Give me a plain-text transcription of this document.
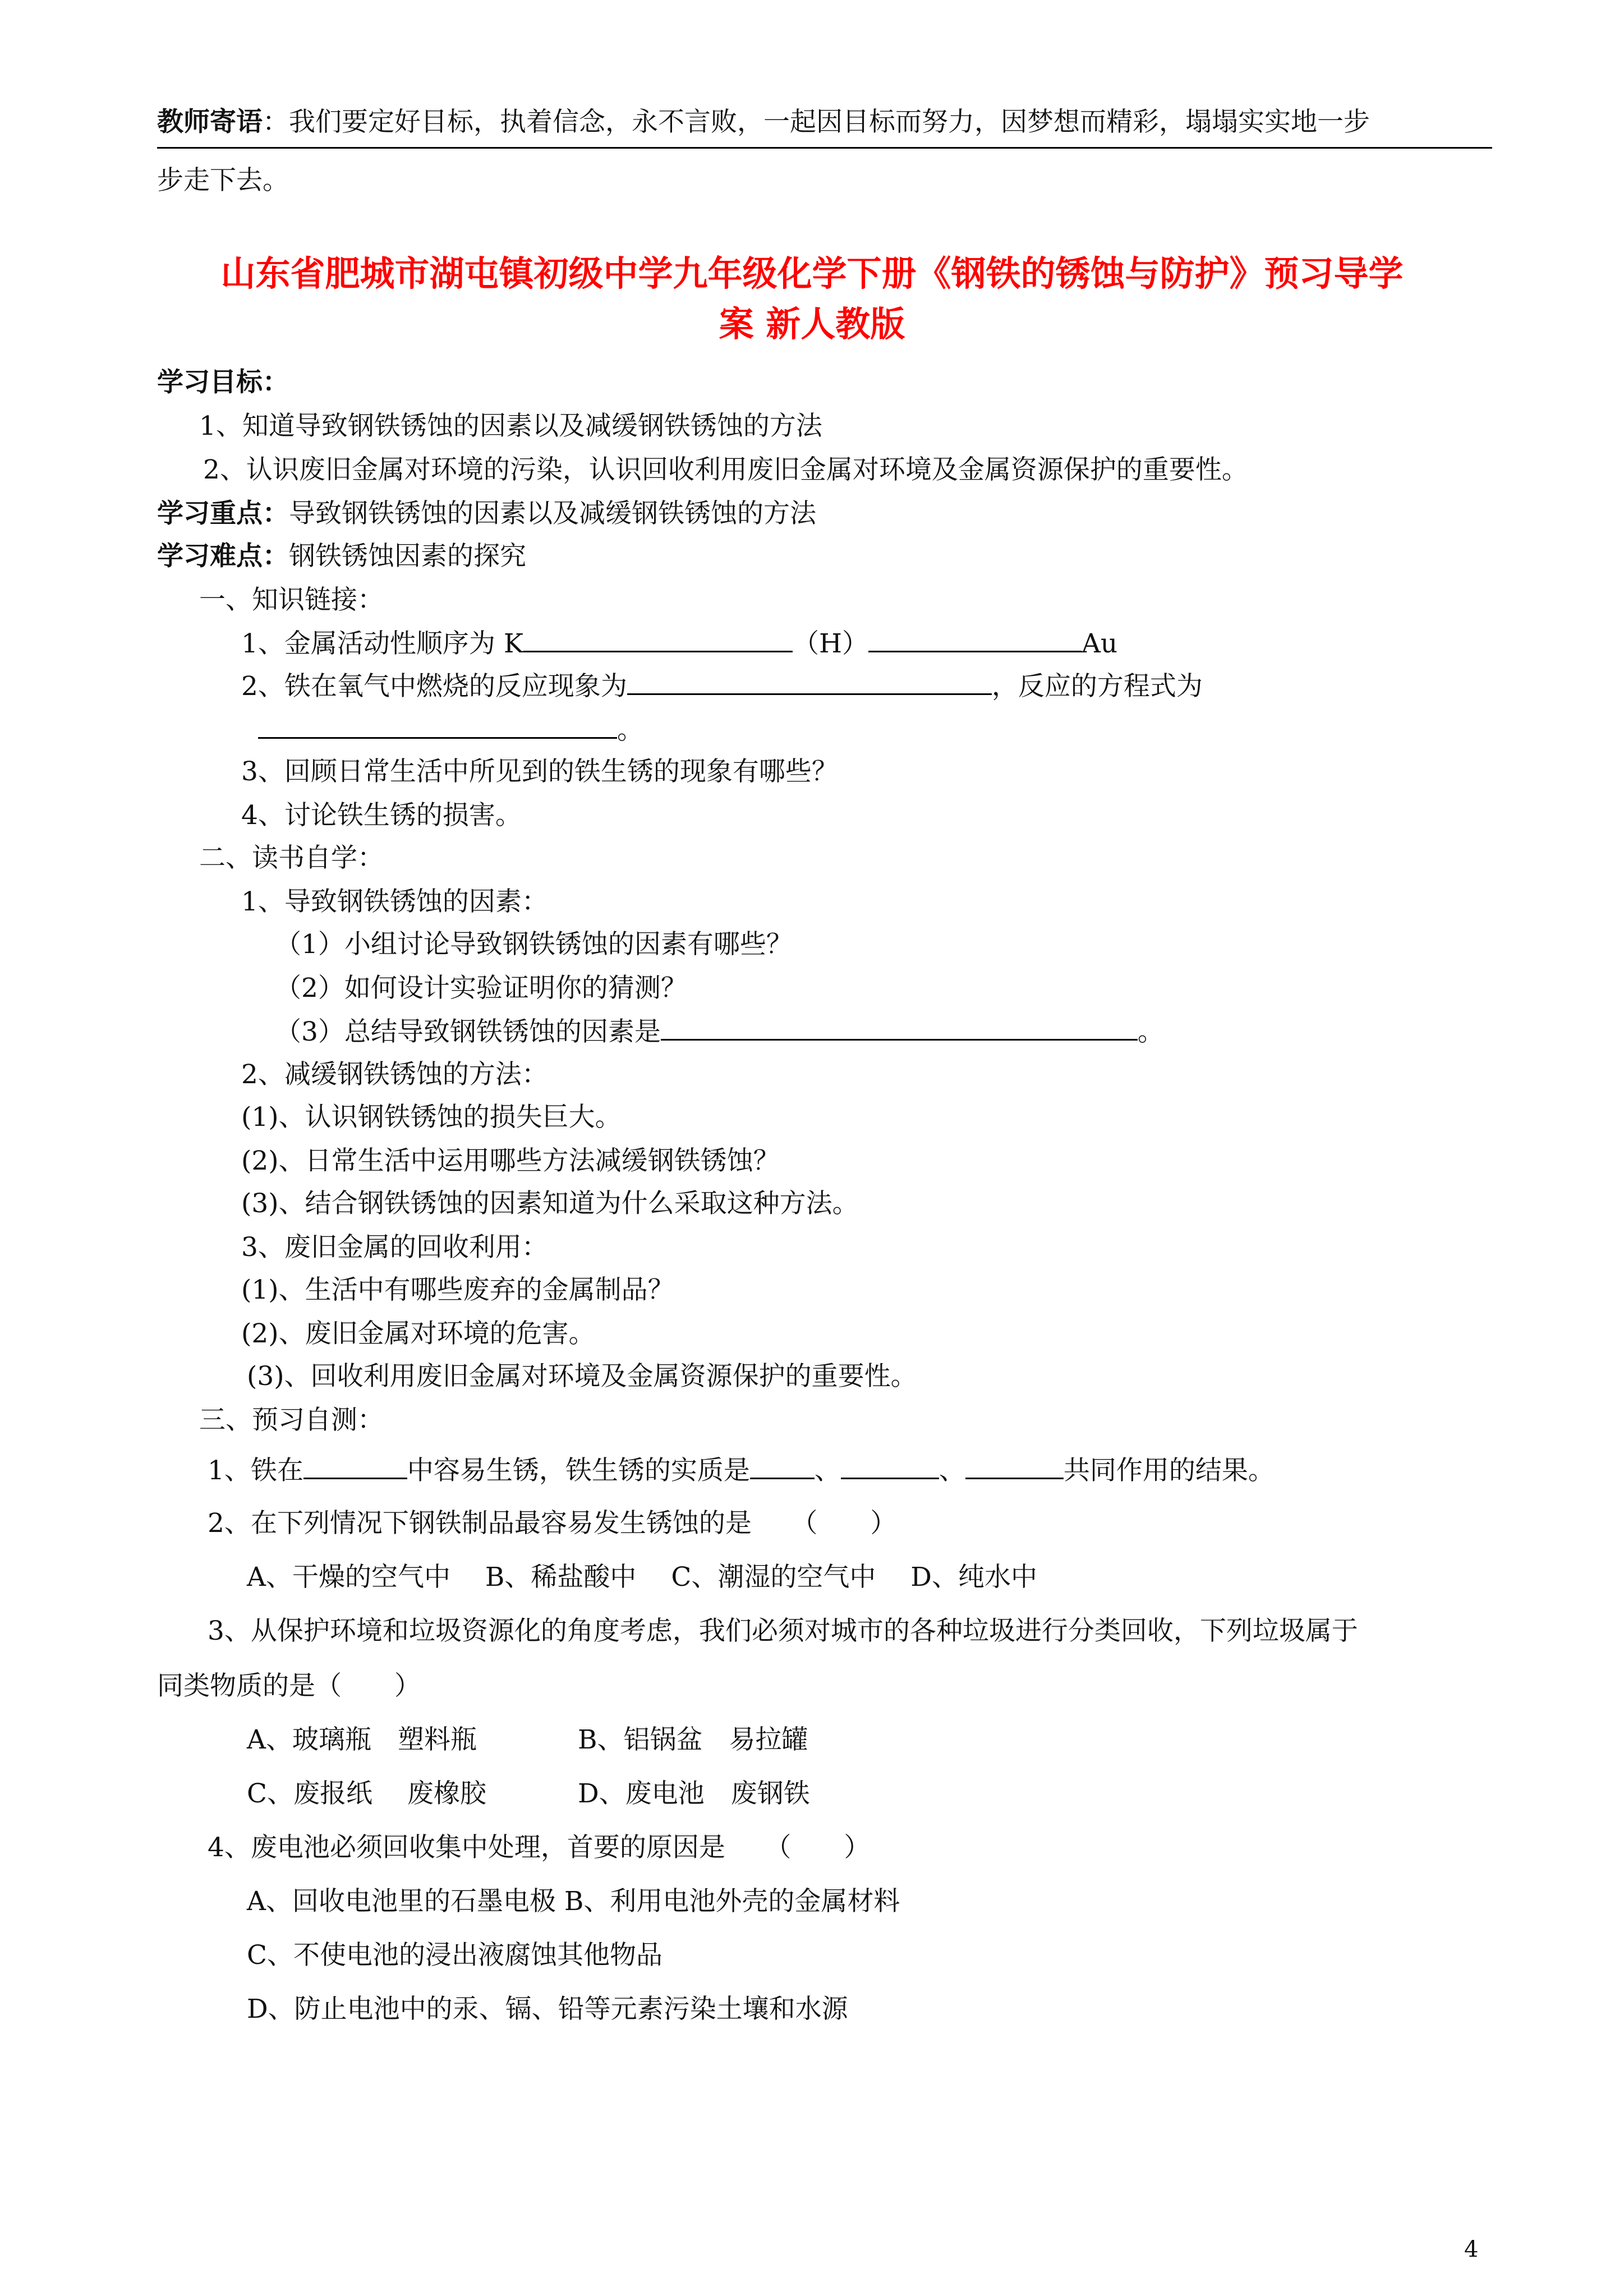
教师寄语：我们要定好目标，执着信念，永不言败，一起因目标而努力，因梦想而精彩，塌塌实实地一步
步走下去。
山东省肥城市湖屯镇初级中学九年级化学下册《钢铁的锈蚀与防护》预习导学
案 新人教版
学习目标：
1、知道导致钢铁锈蚀的因素以及减缓钢铁锈蚀的方法
2、认识废旧金属对环境的污染，认识回收利用废旧金属对环境及金属资源保护的重要性。
学习重点：导致钢铁锈蚀的因素以及减缓钢铁锈蚀的方法
学习难点：钢铁锈蚀因素的探究
一、知识链接：
1、金属活动性顺序为 K	（H）	Au
2、铁在氧气中燃烧的反应现象为	，反应的方程式为
。
3、回顾日常生活中所见到的铁生锈的现象有哪些？
4、讨论铁生锈的损害。
二、读书自学：
1、导致钢铁锈蚀的因素：
（1）小组讨论导致钢铁锈蚀的因素有哪些？
（2）如何设计实验证明你的猜测？
（3）总结导致钢铁锈蚀的因素是	。
2、减缓钢铁锈蚀的方法：
(1)、认识钢铁锈蚀的损失巨大。
(2)、日常生活中运用哪些方法减缓钢铁锈蚀？
(3)、结合钢铁锈蚀的因素知道为什么采取这种方法。
3、废旧金属的回收利用：
(1)、生活中有哪些废弃的金属制品？
(2)、废旧金属对环境的危害。
(3)、回收利用废旧金属对环境及金属资源保护的重要性。
三、预习自测：
1、铁在	中容易生锈，铁生锈的实质是 、	、	共同作用的结果。
2、在下列情况下钢铁制品最容易发生锈蚀的是　　（　　）
A、干燥的空气中　 B、稀盐酸中　 C、潮湿的空气中　 D、纯水中
3、从保护环境和垃圾资源化的角度考虑，我们必须对城市的各种垃圾进行分类回收，下列垃圾属于
同类物质的是（　　）
A、玻璃瓶　塑料瓶	B、铝锅盆　易拉罐
C、废报纸　 废橡胶	D、废电池　废钢铁
4、废电池必须回收集中处理，首要的原因是　　（　　）
A、回收电池里的石墨电极 B、利用电池外壳的金属材料
C、不使电池的浸出液腐蚀其他物品
D、防止电池中的汞、镉、铅等元素污染土壤和水源
4
